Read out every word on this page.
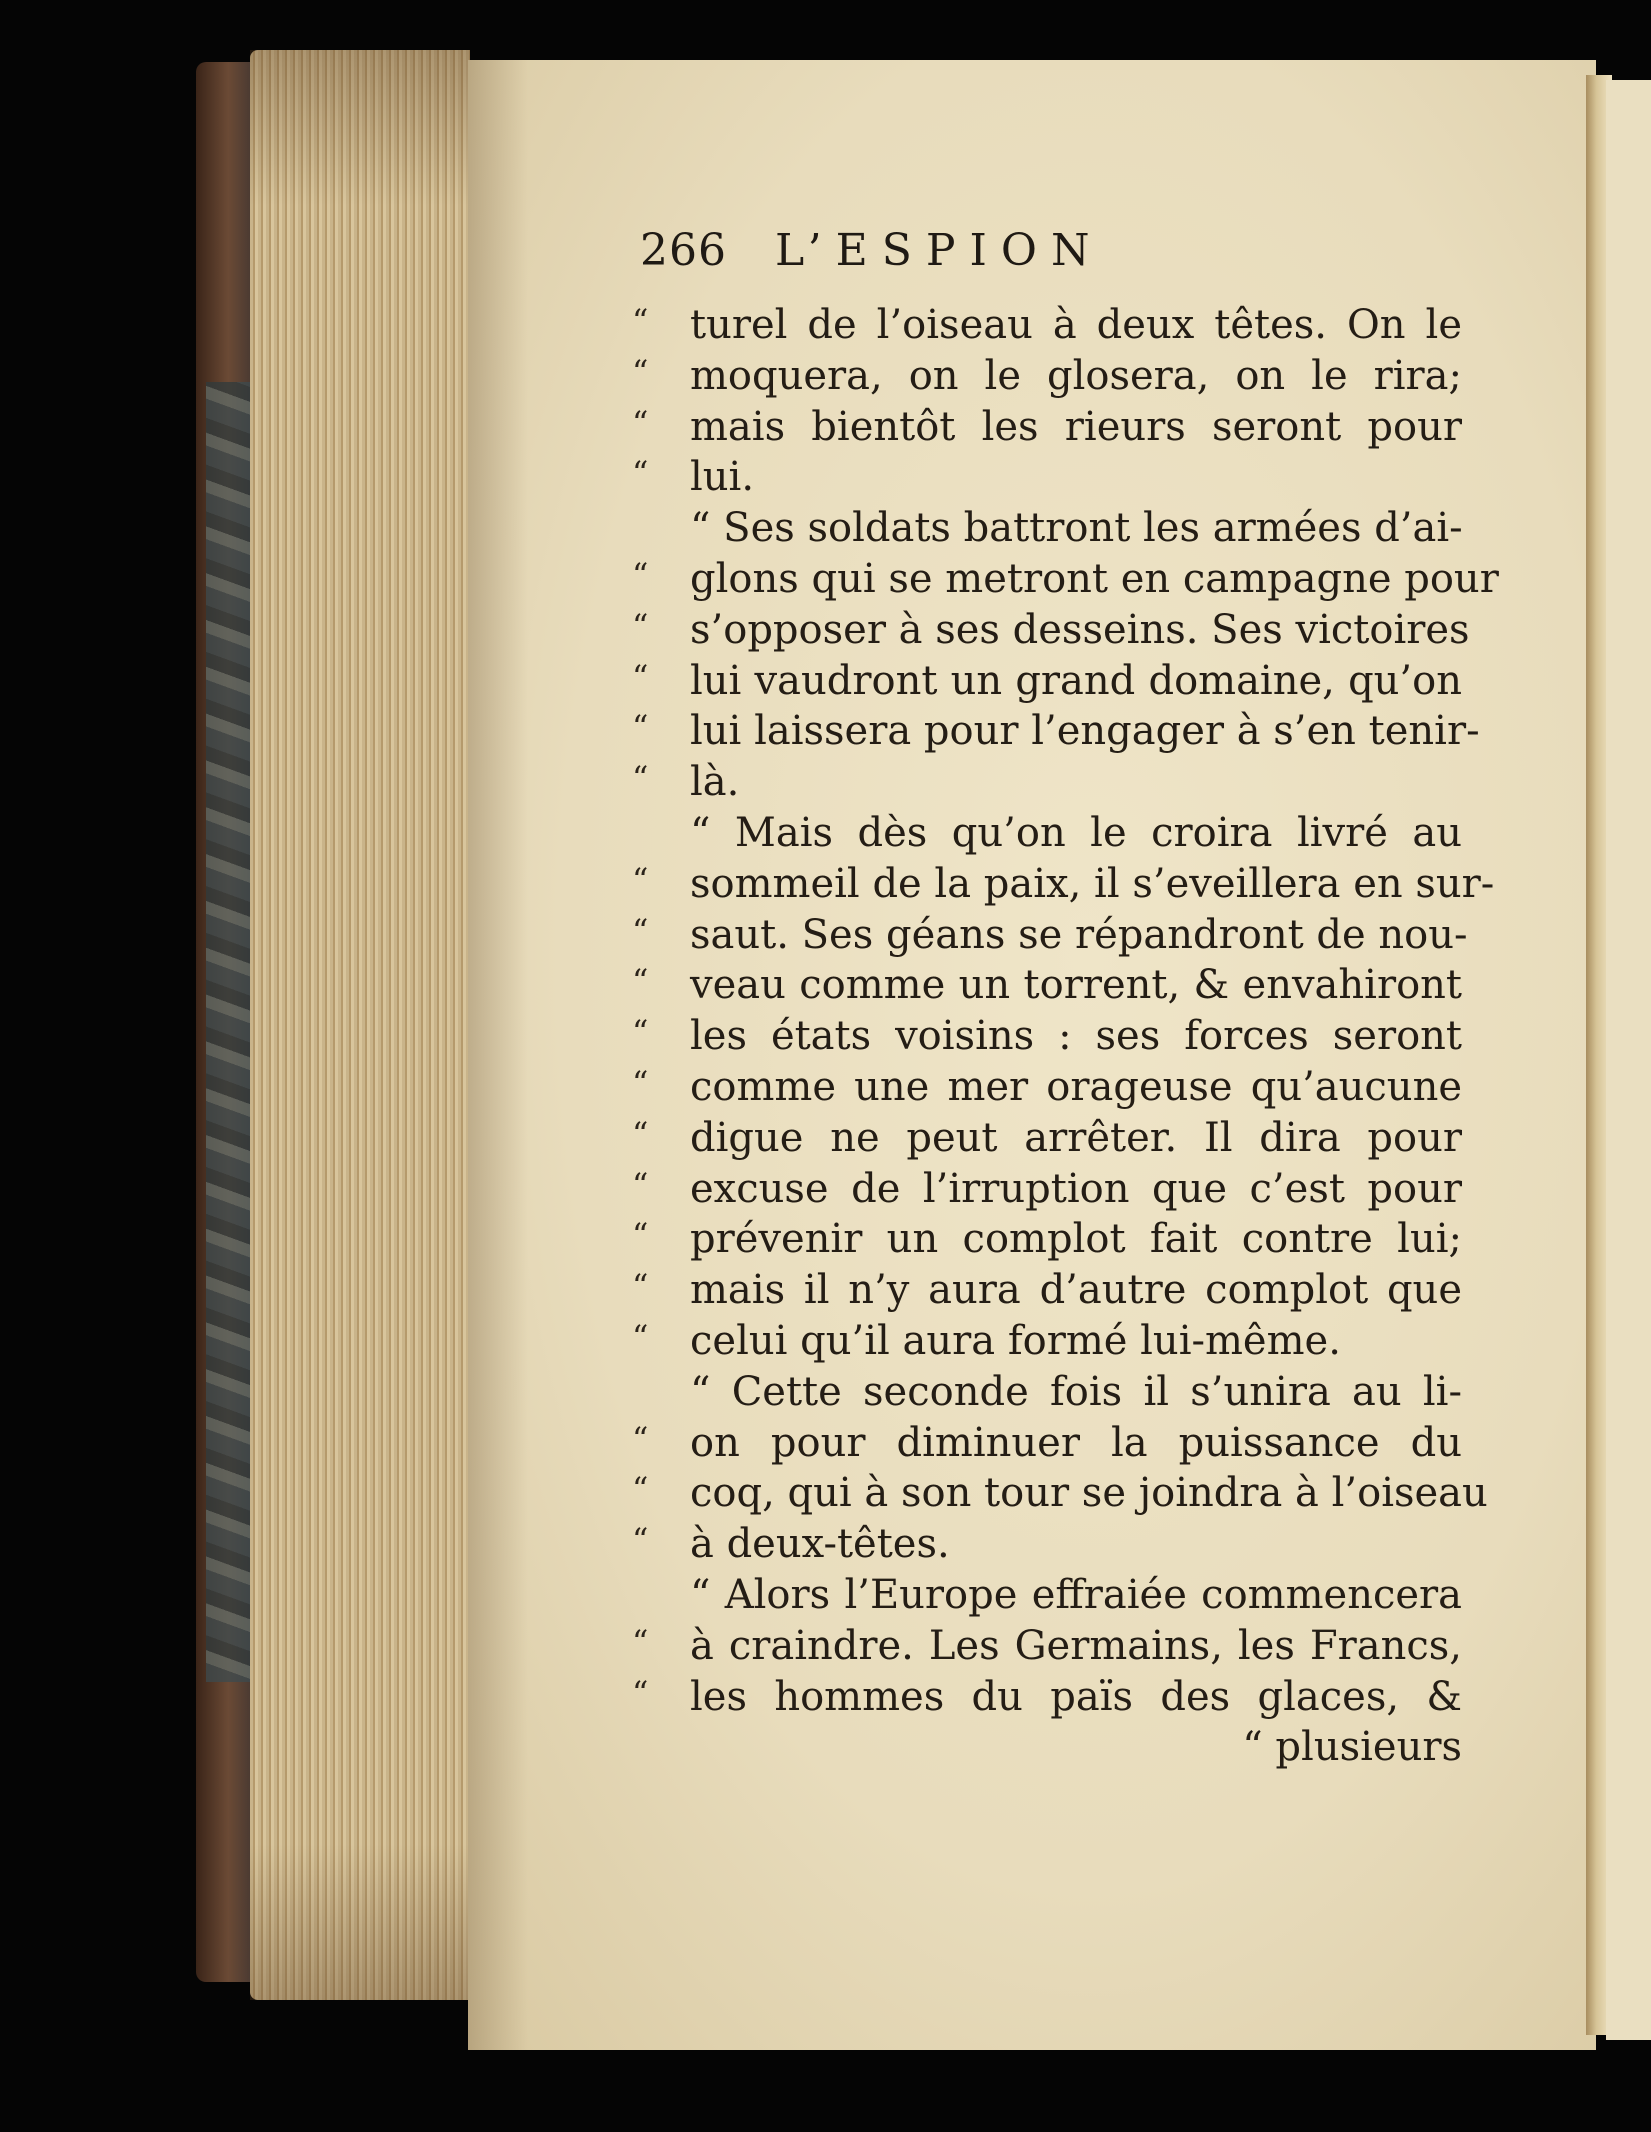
266 L’ESPION
“ turel de l’oiseau à deux têtes. On le
“ moquera, on le glosera, on le rira;
“ mais bientôt les rieurs seront pour
“ lui.
“ Ses soldats battront les armées d’ai-
“ glons qui se metront en campagne pour
“ s’opposer à ses desseins. Ses victoires
“ lui vaudront un grand domaine, qu’on
“ lui laissera pour l’engager à s’en tenir-
“ là.
“ Mais dès qu’on le croira livré au
“ sommeil de la paix, il s’eveillera en sur-
“ saut. Ses géans se répandront de nou-
“ veau comme un torrent, & envahiront
“ les états voisins : ses forces seront
“ comme une mer orageuse qu’aucune
“ digue ne peut arrêter. Il dira pour
“ excuse de l’irruption que c’est pour
“ prévenir un complot fait contre lui;
“ mais il n’y aura d’autre complot que
“ celui qu’il aura formé lui-même.
“ Cette seconde fois il s’unira au li-
“ on pour diminuer la puissance du
“ coq, qui à son tour se joindra à l’oiseau
“ à deux-têtes.
“ Alors l’Europe effraiée commencera
“ à craindre. Les Germains, les Francs,
“ les hommes du païs des glaces, &
“ plusieurs
